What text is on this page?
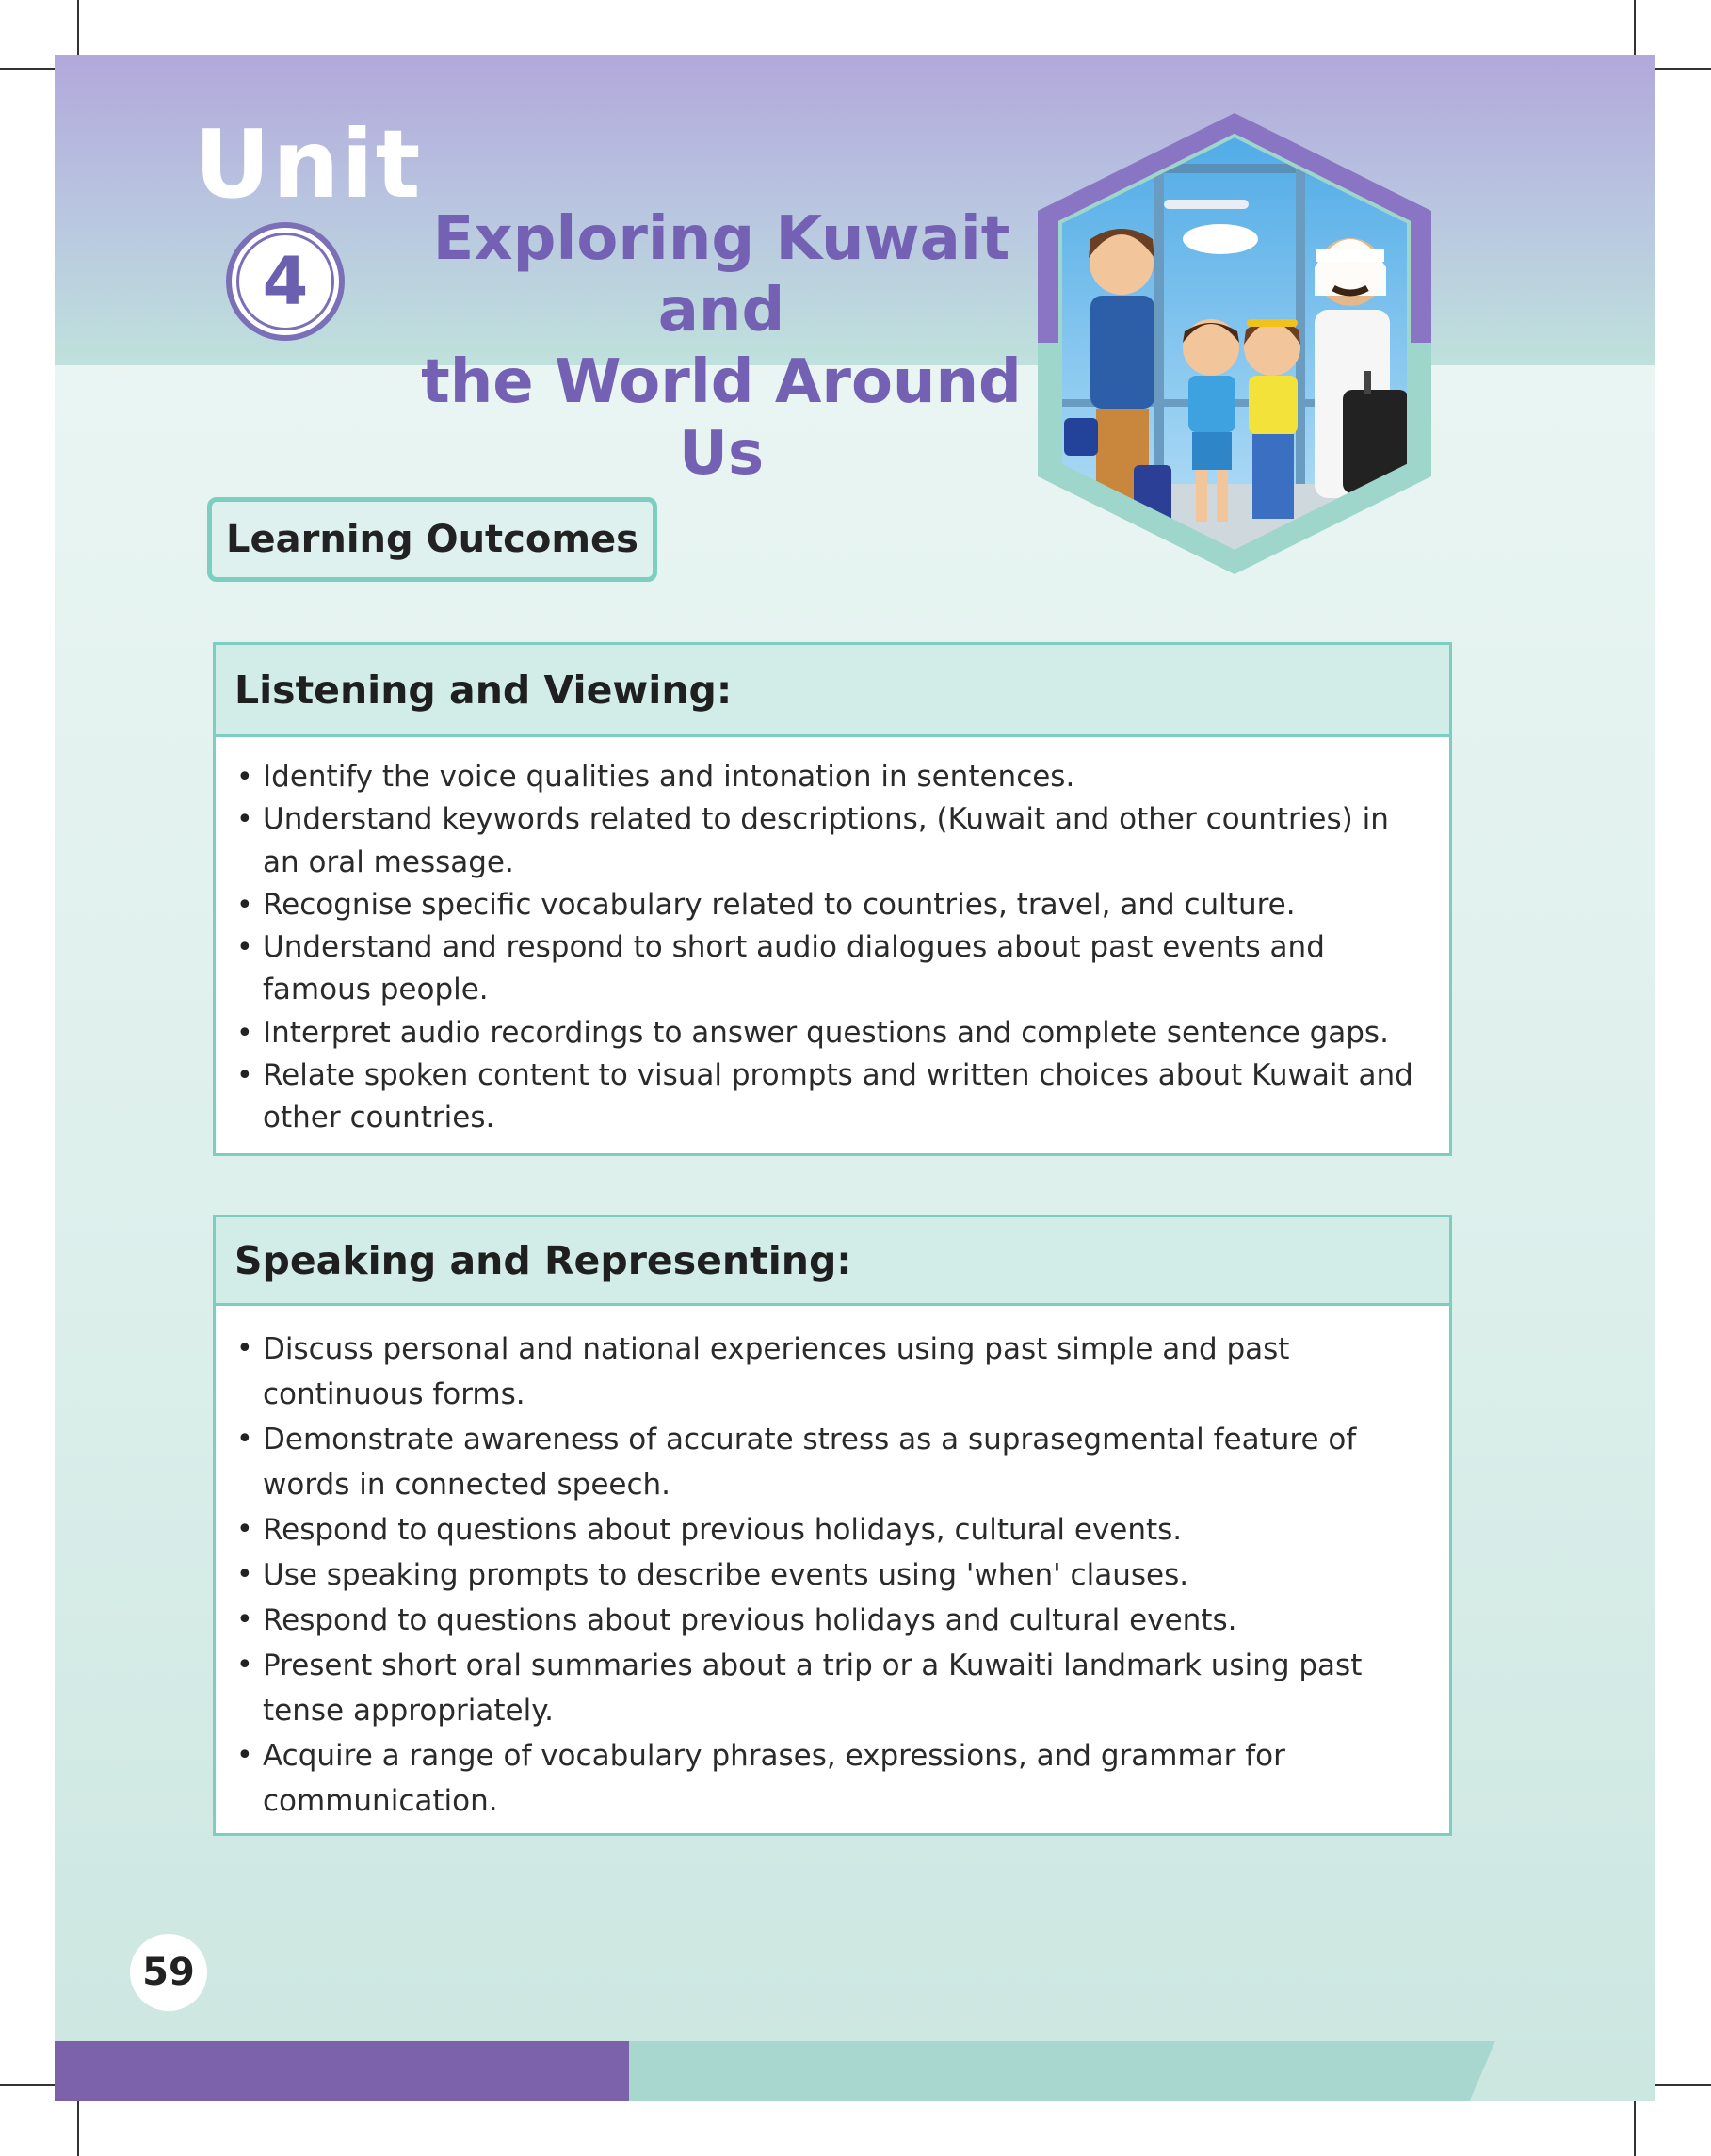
Unit
4
Exploring Kuwait and
the World Around Us
Learning Outcomes
Listening and Viewing:
• Identify the voice qualities and intonation in sentences.
• Understand keywords related to descriptions, (Kuwait and other countries) in an oral message.
• Recognise specific vocabulary related to countries, travel, and culture.
• Understand and respond to short audio dialogues about past events and famous people.
• Interpret audio recordings to answer questions and complete sentence gaps.
• Relate spoken content to visual prompts and written choices about Kuwait and other countries.
Speaking and Representing:
• Discuss personal and national experiences using past simple and past continuous forms.
• Demonstrate awareness of accurate stress as a suprasegmental feature of words in connected speech.
• Respond to questions about previous holidays, cultural events.
• Use speaking prompts to describe events using 'when' clauses.
• Respond to questions about previous holidays and cultural events.
• Present short oral summaries about a trip or a Kuwaiti landmark using past tense appropriately.
• Acquire a range of vocabulary phrases, expressions, and grammar for communication.
59
